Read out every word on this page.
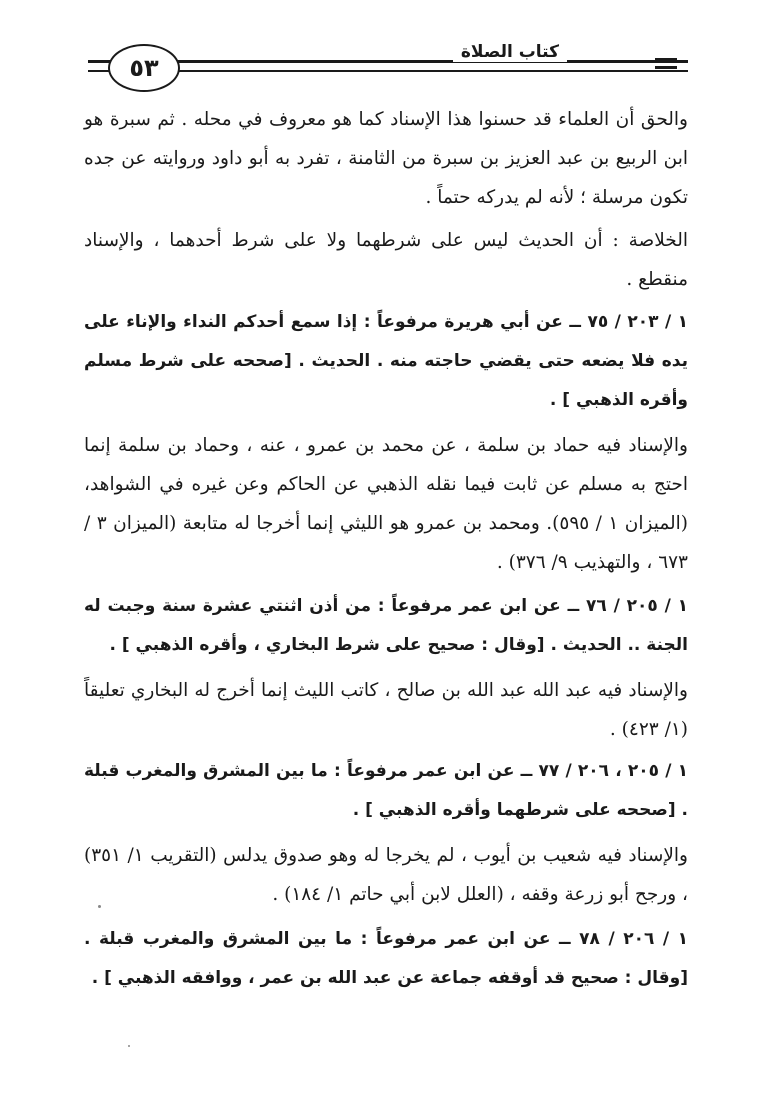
كتاب الصلاة
٥٣

والحق أن العلماء قد حسنوا هذا الإسناد كما هو معروف في محله . ثم سبرة هو ابن الربيع بن عبد العزيز بن سبرة من الثامنة ، تفرد به أبو داود وروايته عن جده تكون مرسلة ؛ لأنه لم يدركه حتماً .

الخلاصة : أن الحديث ليس على شرطهما ولا على شرط أحدهما ، والإسناد منقطع .

١ / ٢٠٣ / ٧٥ ــ عن أبي هريرة مرفوعاً : إذا سمع أحدكم النداء والإناء على يده فلا يضعه حتى يقضي حاجته منه . الحديث . [صححه على شرط مسلم وأقره الذهبي ] .

والإسناد فيه حماد بن سلمة ، عن محمد بن عمرو ، عنه ، وحماد بن سلمة إنما احتج به مسلم عن ثابت فيما نقله الذهبي عن الحاكم وعن غيره في الشواهد، (الميزان ١ / ٥٩٥). ومحمد بن عمرو هو الليثي إنما أخرجا له متابعة (الميزان ٣ / ٦٧٣ ، والتهذيب ٩/ ٣٧٦) .

١ / ٢٠٥ / ٧٦ ــ عن ابن عمر مرفوعاً : من أذن اثنتي عشرة سنة وجبت له الجنة .. الحديث . [وقال : صحيح على شرط البخاري ، وأقره الذهبي ] .

والإسناد فيه عبد الله عبد الله بن صالح ، كاتب الليث إنما أخرج له البخاري تعليقاً (١/ ٤٢٣) .

١ / ٢٠٥ ، ٢٠٦ / ٧٧ ــ عن ابن عمر مرفوعاً : ما بين المشرق والمغرب قبلة . [صححه على شرطهما وأقره الذهبي ] .

والإسناد فيه شعيب بن أيوب ، لم يخرجا له وهو صدوق يدلس (التقريب ١/ ٣٥١) ، ورجح أبو زرعة وقفه ، (العلل لابن أبي حاتم ١/ ١٨٤) .

١ / ٢٠٦ / ٧٨ ــ عن ابن عمر مرفوعاً : ما بين المشرق والمغرب قبلة . [وقال : صحيح قد أوقفه جماعة عن عبد الله بن عمر ، ووافقه الذهبي ] .
